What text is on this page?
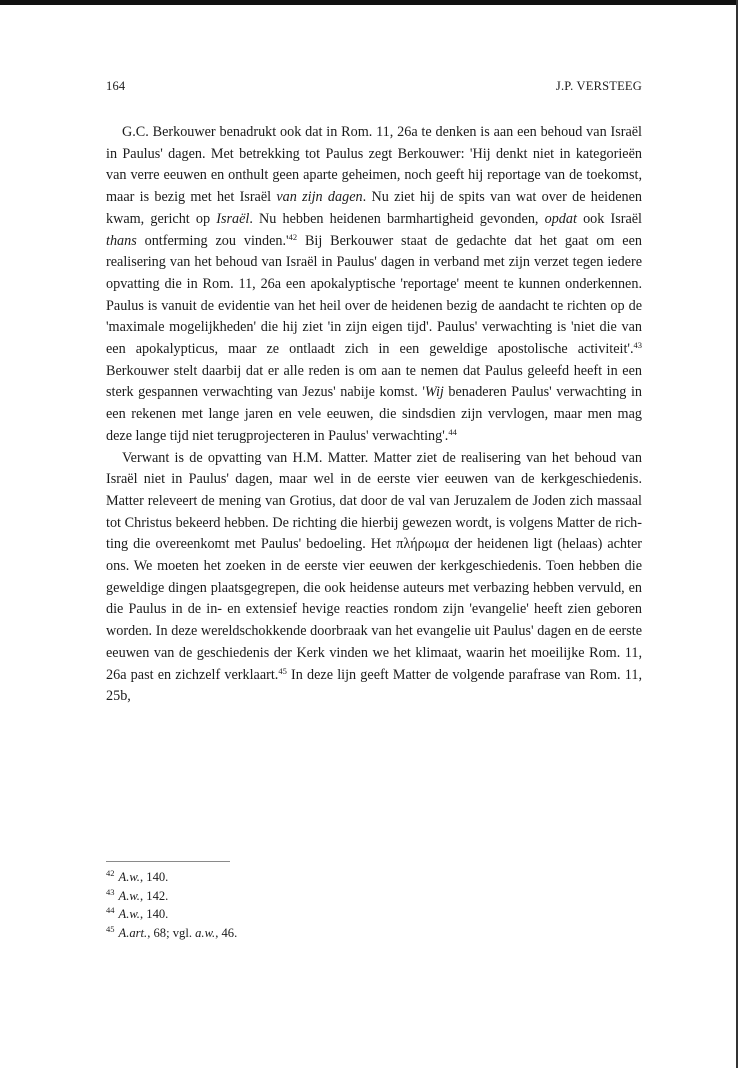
164	J.P. VERSTEEG

G.C. Berkouwer benadrukt ook dat in Rom. 11, 26a te denken is aan een behoud van Israël in Paulus' dagen. Met betrekking tot Paulus zegt Berkouwer: 'Hij denkt niet in kategorieën van verre eeuwen en onthult geen aparte geheimen, noch geeft hij reportage van de toekomst, maar is bezig met het Israël van zijn dagen. Nu ziet hij de spits van wat over de heidenen kwam, gericht op Israël. Nu hebben heidenen barmhartigheid gevonden, opdat ook Israël thans ontferming zou $vinden.'^{42}$ Bij Berkouwer staat de gedachte dat het gaat om een realisering van het behoud van Israël in Paulus' dagen in verband met zijn verzet tegen iedere opvatting die in Rom. 11, 26a een apokalyptische 'reportage' meent te kunnen onderkennen. Paulus is vanuit de evidentie van het heil over de heidenen bezig de aandacht te richten op de 'maximale mogelijkheden' die hij ziet 'in zijn eigen tijd'. Paulus' verwachting is 'niet die van een apokalypticus, maar ze ontlaadt zich in een geweldige apostolische activiteit'.$^{43}$ Berkouwer stelt daarbij dat er alle reden is om aan te nemen dat Paulus geleefd heeft in een sterk gespannen verwachting van Jezus' nabije komst. 'Wij benaderen Paulus' verwachting in een rekenen met lange jaren en vele eeuwen, die sindsdien zijn vervlogen, maar men mag deze lange tijd niet terugprojecteren in Paulus' verwachting'.$^{44}$

Verwant is de opvatting van H.M. Matter. Matter ziet de realisering van het behoud van Israël niet in Paulus' dagen, maar wel in de eerste vier eeuwen van de kerkgeschiedenis. Matter releveert de mening van Grotius, dat door de val van Jeruzalem de Joden zich massaal tot Christus bekeerd hebben. De richting die hierbij gewezen wordt, is volgens Matter de richting die overeenkomt met Paulus' bedoeling. Het πλήρωμα der heidenen ligt (helaas) achter ons. We moeten het zoeken in de eerste vier eeuwen der kerkgeschiedenis. Toen hebben die geweldige dingen plaatsgegrepen, die ook heidense auteurs met verbazing hebben vervuld, en die Paulus in de in- en extensief hevige reacties rondom zijn 'evangelie' heeft zien geboren worden. In deze wereldschokkende doorbraak van het evangelie uit Paulus' dagen en de eerste eeuwen van de geschiedenis der Kerk vinden we het klimaat, waarin het moeilijke Rom. 11, 26a past en zichzelf verklaart.$^{45}$ In deze lijn geeft Matter de volgende parafrase van Rom. 11, 25b,

$^{42}$ A.w., 140.
$^{43}$ A.w., 142.
$^{44}$ A.w., 140.
$^{45}$ A.art., 68; vgl. a.w., 46.
